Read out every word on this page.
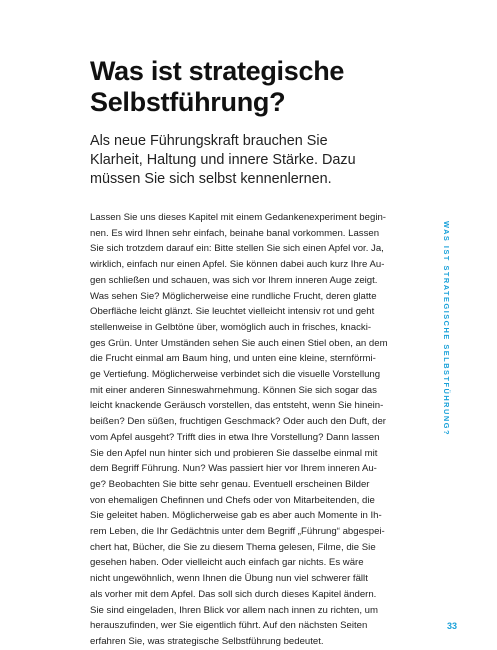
Was ist strategische
Selbstführung?
Als neue Führungskraft brauchen Sie
Klarheit, Haltung und innere Stärke. Dazu
müssen Sie sich selbst kennenlernen.
Lassen Sie uns dieses Kapitel mit einem Gedankenexperiment begin-
nen. Es wird Ihnen sehr einfach, beinahe banal vorkommen. Lassen
Sie sich trotzdem darauf ein: Bitte stellen Sie sich einen Apfel vor. Ja,
wirklich, einfach nur einen Apfel. Sie können dabei auch kurz Ihre Au-
gen schließen und schauen, was sich vor Ihrem inneren Auge zeigt.
Was sehen Sie? Möglicherweise eine rundliche Frucht, deren glatte
Oberfläche leicht glänzt. Sie leuchtet vielleicht intensiv rot und geht
stellenweise in Gelbtöne über, womöglich auch in frisches, knacki-
ges Grün. Unter Umständen sehen Sie auch einen Stiel oben, an dem
die Frucht einmal am Baum hing, und unten eine kleine, sternförmi-
ge Vertiefung. Möglicherweise verbindet sich die visuelle Vorstellung
mit einer anderen Sinneswahrnehmung. Können Sie sich sogar das
leicht knackende Geräusch vorstellen, das entsteht, wenn Sie hinein-
beißen? Den süßen, fruchtigen Geschmack? Oder auch den Duft, der
vom Apfel ausgeht? Trifft dies in etwa Ihre Vorstellung? Dann lassen
Sie den Apfel nun hinter sich und probieren Sie dasselbe einmal mit
dem Begriff Führung. Nun? Was passiert hier vor Ihrem inneren Au-
ge? Beobachten Sie bitte sehr genau. Eventuell erscheinen Bilder
von ehemaligen Chefinnen und Chefs oder von Mitarbeitenden, die
Sie geleitet haben. Möglicherweise gab es aber auch Momente in Ih-
rem Leben, die Ihr Gedächtnis unter dem Begriff „Führung“ abgespei-
chert hat, Bücher, die Sie zu diesem Thema gelesen, Filme, die Sie
gesehen haben. Oder vielleicht auch einfach gar nichts. Es wäre
nicht ungewöhnlich, wenn Ihnen die Übung nun viel schwerer fällt
als vorher mit dem Apfel. Das soll sich durch dieses Kapitel ändern.
Sie sind eingeladen, Ihren Blick vor allem nach innen zu richten, um
herauszufinden, wer Sie eigentlich führt. Auf den nächsten Seiten
erfahren Sie, was strategische Selbstführung bedeutet.
WAS IST STRATEGISCHE SELBSTFÜHRUNG?
33
